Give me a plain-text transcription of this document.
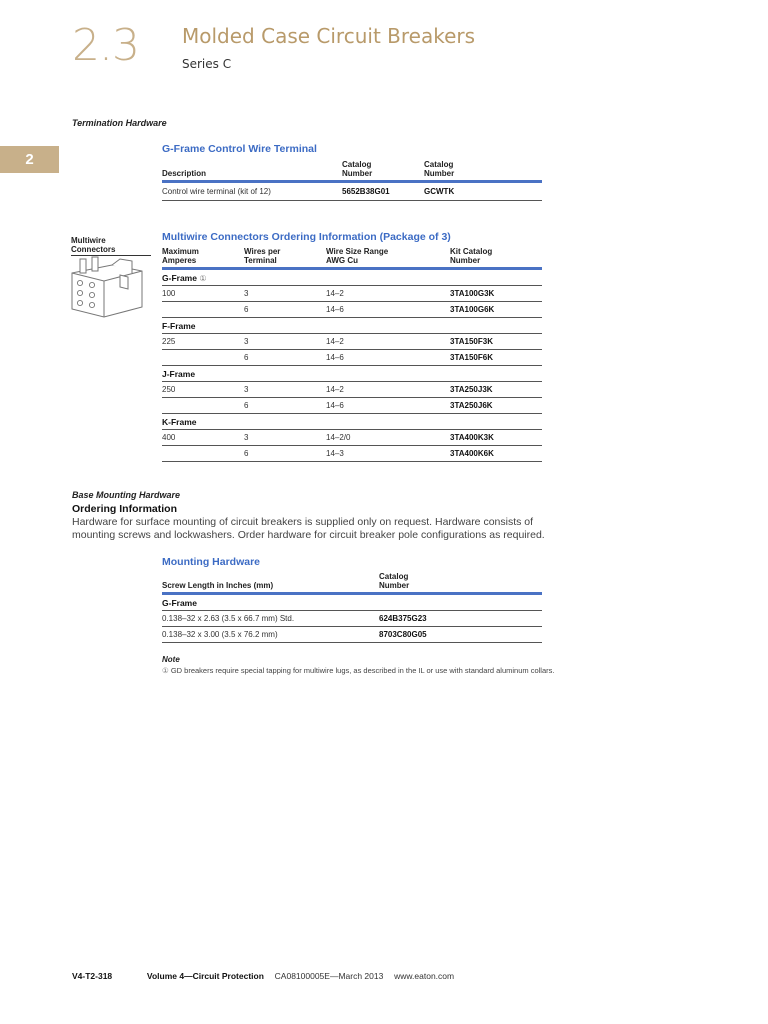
2.3 Molded Case Circuit Breakers
Series C
2
Termination Hardware
G-Frame Control Wire Terminal
Description	Catalog Number	Catalog Number
Control wire terminal (kit of 12)	5652B38G01	GCWTK
Multiwire Connectors
Multiwire Connectors Ordering Information (Package of 3)
Maximum Amperes	Wires per Terminal	Wire Size Range AWG Cu	Kit Catalog Number
G-Frame ①			
100	3	14–2	3TA100G3K
	6	14–6	3TA100G6K
F-Frame			
225	3	14–2	3TA150F3K
	6	14–6	3TA150F6K
J-Frame			
250	3	14–2	3TA250J3K
	6	14–6	3TA250J6K
K-Frame			
400	3	14–2/0	3TA400K3K
	6	14–3	3TA400K6K
Base Mounting Hardware
Ordering Information
Hardware for surface mounting of circuit breakers is supplied only on request. Hardware consists of mounting screws and lockwashers. Order hardware for circuit breaker pole configurations as required.
Mounting Hardware
Screw Length in Inches (mm)	Catalog Number
G-Frame	
0.138–32 x 2.63 (3.5 x 66.7 mm) Std.	624B375G23
0.138–32 x 3.00 (3.5 x 76.2 mm)	8703C80G05
Note
① GD breakers require special tapping for multiwire lugs, as described in the IL or use with standard aluminum collars.
V4-T2-318	Volume 4—Circuit Protection CA08100005E—March 2013 www.eaton.com
